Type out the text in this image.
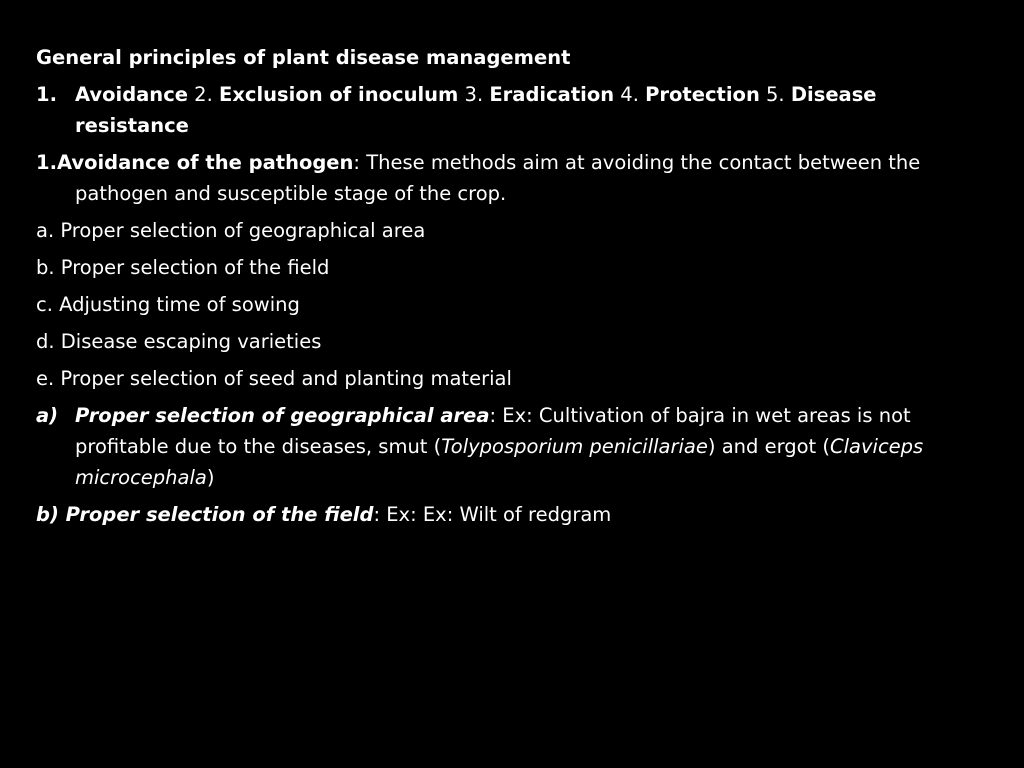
General principles of plant disease management
1. Avoidance 2. Exclusion of inoculum 3. Eradication 4. Protection 5. Disease resistance
1.Avoidance of the pathogen: These methods aim at avoiding the contact between the pathogen and susceptible stage of the crop.
a. Proper selection of geographical area
b. Proper selection of the field
c. Adjusting time of sowing
d. Disease escaping varieties
e. Proper selection of seed and planting material
a) Proper selection of geographical area: Ex: Cultivation of bajra in wet areas is not profitable due to the diseases, smut (Tolyposporium penicillariae) and ergot (Claviceps microcephala)
b) Proper selection of the field: Ex: Ex: Wilt of redgram
